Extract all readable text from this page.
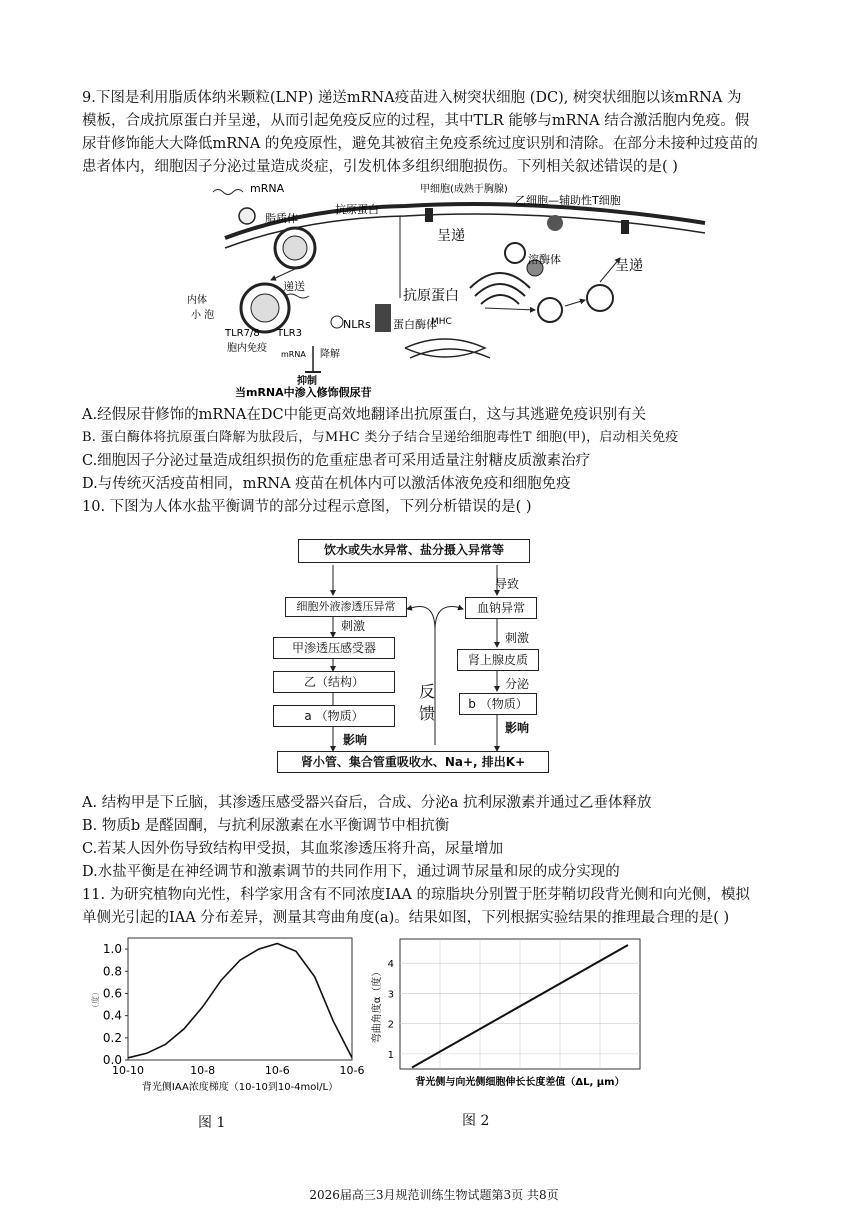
9.下图是利用脂质体纳米颗粒(LNP) 递送mRNA疫苗进入树突状细胞 (DC), 树突状细胞以该mRNA 为
模板，合成抗原蛋白并呈递，从而引起免疫反应的过程，其中TLR 能够与mRNA 结合激活胞内免疫。假
尿苷修饰能大大降低mRNA 的免疫原性，避免其被宿主免疫系统过度识别和清除。在部分未接种过疫苗的
患者体内，细胞因子分泌过量造成炎症，引发机体多组织细胞损伤。下列相关叙述错误的是( )
mRNA
脂质体
内体
小 泡
递送
TLR7/8 TLR3
胞内免疫
mRNA 降解
抑制
NLRs 蛋白酶体
抗原蛋白
MHC
抗原蛋白
甲细胞(成熟于胸腺)
乙细胞—辅助性T细胞
呈递
呈递
溶酶体
当mRNA中渗入修饰假尿苷
A.经假尿苷修饰的mRNA在DC中能更高效地翻译出抗原蛋白，这与其逃避免疫识别有关
B. 蛋白酶体将抗原蛋白降解为肽段后，与MHC 类分子结合呈递给细胞毒性T 细胞(甲)，启动相关免疫
C.细胞因子分泌过量造成组织损伤的危重症患者可采用适量注射糖皮质激素治疗
D.与传统灭活疫苗相同，mRNA 疫苗在机体内可以激活体液免疫和细胞免疫
10. 下图为人体水盐平衡调节的部分过程示意图，下列分析错误的是( )
饮水或失水异常、盐分摄入异常等
导致
细胞外液渗透压异常
刺激
甲渗透压感受器
乙（结构）
a （物质）
影响
反馈
血钠异常
刺激
肾上腺皮质
分泌
b （物质）
影响
肾小管、集合管重吸收水、Na+, 排出K+
A. 结构甲是下丘脑，其渗透压感受器兴奋后，合成、分泌a 抗利尿激素并通过乙垂体释放
B. 物质b 是醛固酮，与抗利尿激素在水平衡调节中相抗衡
C.若某人因外伤导致结构甲受损，其血浆渗透压将升高，尿量增加
D.水盐平衡是在神经调节和激素调节的共同作用下，通过调节尿量和尿的成分实现的
11. 为研究植物向光性，科学家用含有不同浓度IAA 的琼脂块分别置于胚芽鞘切段背光侧和向光侧，模拟
单侧光引起的IAA 分布差异，测量其弯曲角度(a)。结果如图，下列根据实验结果的推理最合理的是( )
0.0
0.2
0.4
0.6
0.8
1.0
10-10	10-8	10-6	10-6
（度）
背光侧IAA浓度梯度（10-10到10-4mol/L）
1
2
3
4
弯曲角度α（度）
背光侧与向光侧细胞伸长长度差值（ΔL, μm）
图 1	图 2
2026届高三3月规范训练生物试题第3页 共8页
